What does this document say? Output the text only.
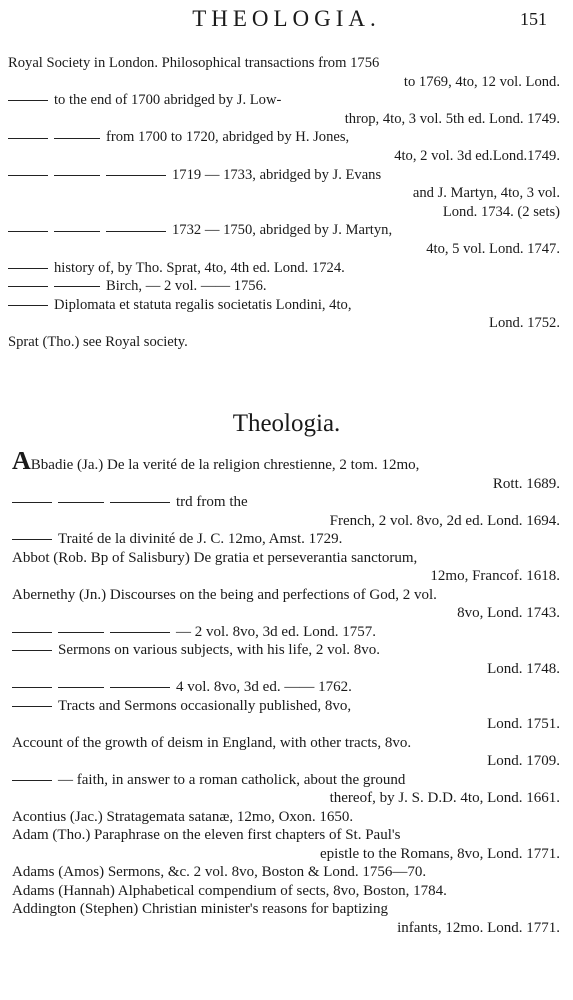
THEOLOGIA.	151

Royal Society in London. Philosophical transactions from 1756
to 1769, 4to, 12 vol. Lond.

to the end of 1700 abridged by J. Low-
throp, 4to, 3 vol. 5th ed. Lond. 1749.

from 1700 to 1720, abridged by H. Jones,
4to, 2 vol. 3d ed.Lond.1749.

1719 — 1733, abridged by J. Evans
and J. Martyn, 4to, 3 vol.
Lond. 1734. (2 sets)

1732 — 1750, abridged by J. Martyn,
4to, 5 vol. Lond. 1747.

history of, by Tho. Sprat, 4to, 4th ed. Lond. 1724.

Birch, — 2 vol. —— 1756.

Diplomata et statuta regalis societatis Londini, 4to,
Lond. 1752.

Sprat (Tho.) see Royal society.

Theologia.

ABbadie (Ja.) De la verité de la religion chrestienne, 2 tom. 12mo,
Rott. 1689.

trd from the
French, 2 vol. 8vo, 2d ed. Lond. 1694.

Traité de la divinité de J. C. 12mo, Amst. 1729.

Abbot (Rob. Bp of Salisbury) De gratia et perseverantia sanctorum,
12mo, Francof. 1618.

Abernethy (Jn.) Discourses on the being and perfections of God, 2 vol.
8vo, Lond. 1743.

— 2 vol. 8vo, 3d ed. Lond. 1757.

Sermons on various subjects, with his life, 2 vol. 8vo.
Lond. 1748.

4 vol. 8vo, 3d ed. —— 1762.

Tracts and Sermons occasionally published, 8vo,
Lond. 1751.

Account of the growth of deism in England, with other tracts, 8vo.
Lond. 1709.

— faith, in answer to a roman catholick, about the ground
thereof, by J. S. D.D. 4to, Lond. 1661.

Acontius (Jac.) Stratagemata satanæ, 12mo, Oxon. 1650.

Adam (Tho.) Paraphrase on the eleven first chapters of St. Paul's
epistle to the Romans, 8vo, Lond. 1771.

Adams (Amos) Sermons, &c. 2 vol. 8vo, Boston & Lond. 1756—70.

Adams (Hannah) Alphabetical compendium of sects, 8vo, Boston, 1784.

Addington (Stephen) Christian minister's reasons for baptizing
infants, 12mo. Lond. 1771.
